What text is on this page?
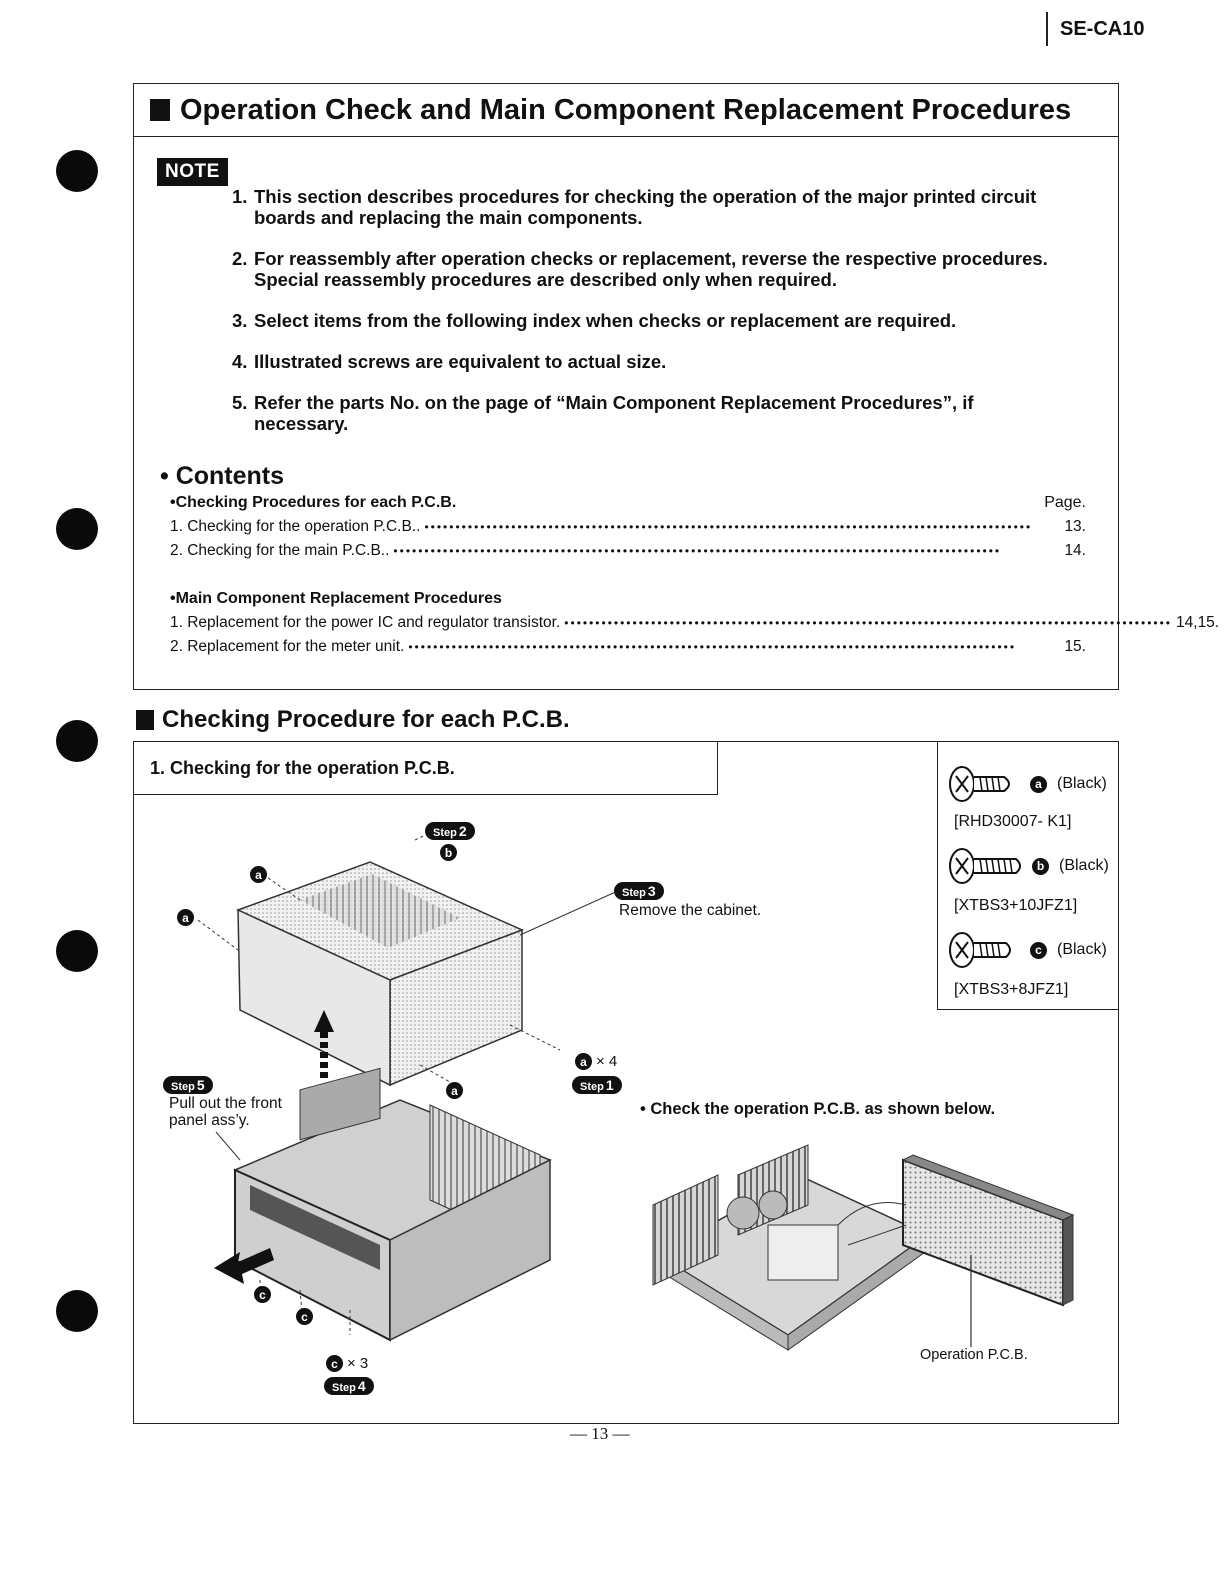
SE-CA10
Operation Check and Main Component Replacement Procedures
NOTE
1. This section describes procedures for checking the operation of the major printed circuit boards and replacing the main components.
2. For reassembly after operation checks or replacement, reverse the respective procedures. Special reassembly procedures are described only when required.
3. Select items from the following index when checks or replacement are required.
4. Illustrated screws are equivalent to actual size.
5. Refer the parts No. on the page of “Main Component Replacement Procedures”, if necessary.
• Contents
•Checking Procedures for each P.C.B.	Page.
1. Checking for the operation P.C.B.. ••••••••••••••••••••••••••••••••••••••••••••••••••••••••••••••••••••••••••••••••••••••••••••••••••	13.
2. Checking for the main P.C.B.. ••••••••••••••••••••••••••••••••••••••••••••••••••••••••••••••••••••••••••••••••••••••••••••••••••	14.
•Main Component Replacement Procedures
1. Replacement for the power IC and regulator transistor. •••••••••••••••••••••••••••••••••••••••••••••••••••••••••••••••••••••••••••••••••••••••••••••••••• 14,15.
2. Replacement for the meter unit. ••••••••••••••••••••••••••••••••••••••••••••••••••••••••••••••••••••••••••••••••••••••••••••••••••	15.
Checking Procedure for each P.C.B.
1. Checking for the operation P.C.B.
a (Black)
[RHD30007- K1]
b (Black)
[XTBS3+10JFZ1]
c (Black)
[XTBS3+8JFZ1]
a
a
b
a
c
c
Step 2
Step 3
Remove the cabinet.
a × 4
Step 1
Step 5
Pull out the front
panel ass’y.
c × 3
Step 4
• Check the operation P.C.B. as shown below.
Operation P.C.B.
— 13 —
